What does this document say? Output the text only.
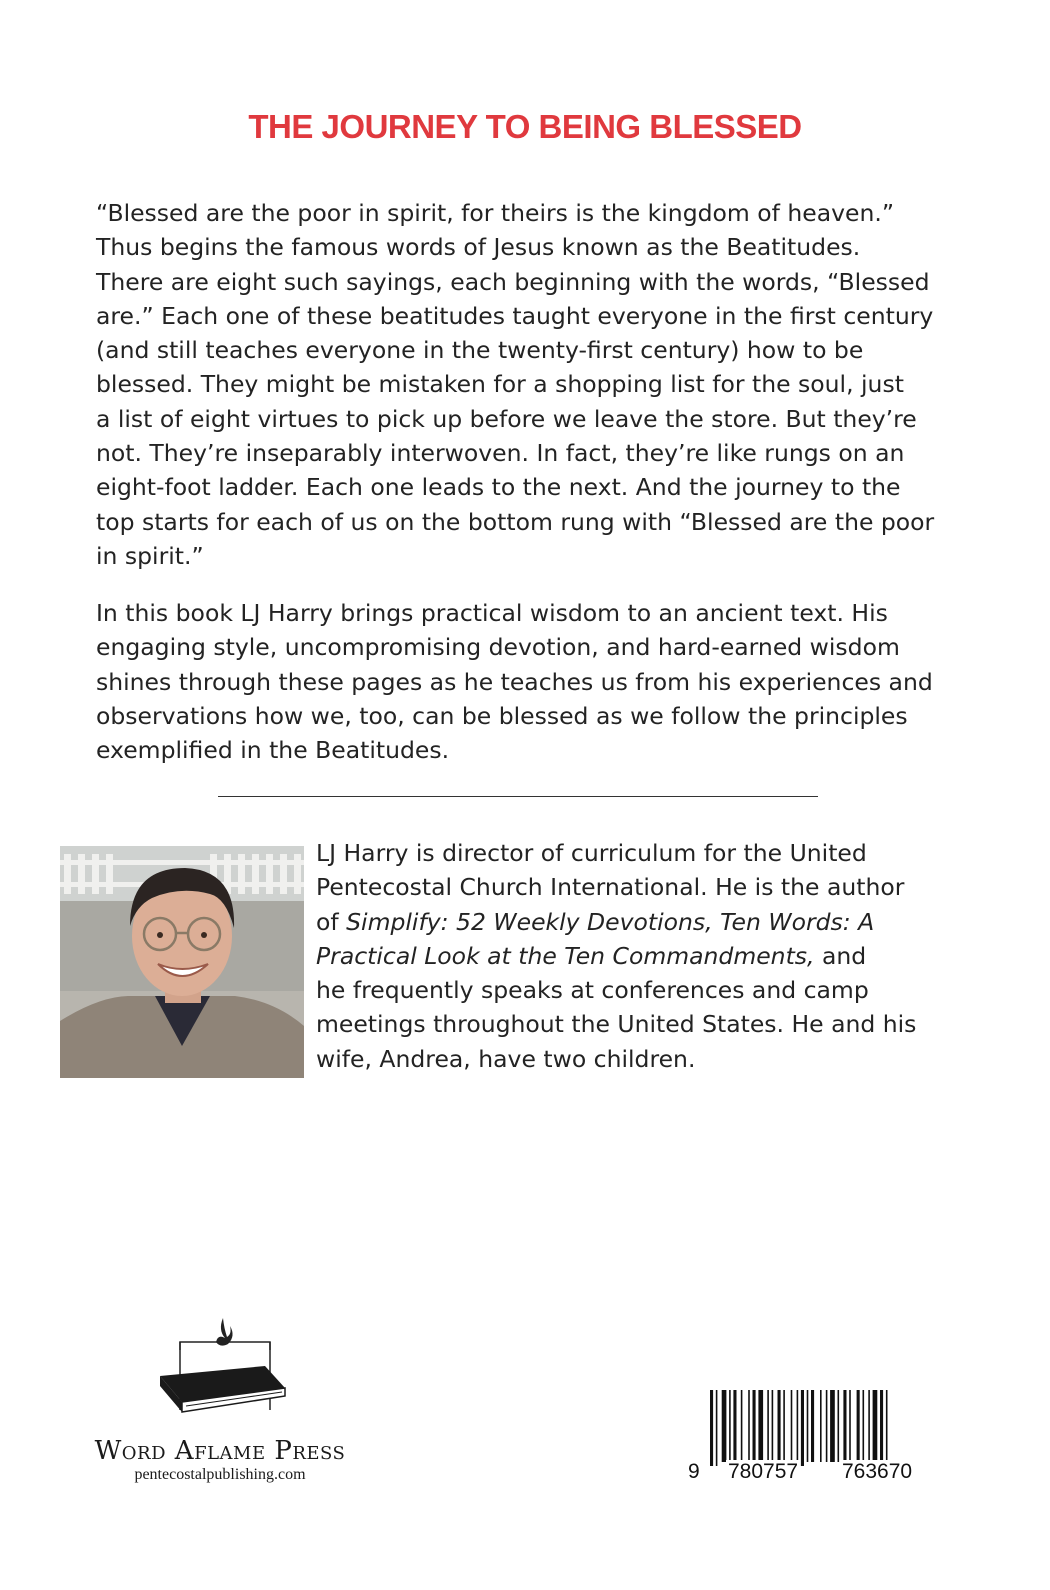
THE JOURNEY TO BEING BLESSED
“Blessed are the poor in spirit, for theirs is the kingdom of heaven.”
Thus begins the famous words of Jesus known as the Beatitudes.
There are eight such sayings, each beginning with the words, “Blessed
are.” Each one of these beatitudes taught everyone in the first century
(and still teaches everyone in the twenty-first century) how to be
blessed. They might be mistaken for a shopping list for the soul, just
a list of eight virtues to pick up before we leave the store. But they’re
not. They’re inseparably interwoven. In fact, they’re like rungs on an
eight-foot ladder. Each one leads to the next. And the journey to the
top starts for each of us on the bottom rung with “Blessed are the poor
in spirit.”
In this book LJ Harry brings practical wisdom to an ancient text. His
engaging style, uncompromising devotion, and hard-earned wisdom
shines through these pages as he teaches us from his experiences and
observations how we, too, can be blessed as we follow the principles
exemplified in the Beatitudes.
LJ Harry is director of curriculum for the United
Pentecostal Church International. He is the author
of Simplify: 52 Weekly Devotions, Ten Words: A
Practical Look at the Ten Commandments, and
he frequently speaks at conferences and camp
meetings throughout the United States. He and his
wife, Andrea, have two children.
Word Aflame Press
pentecostalpublishing.com	9 780757 763670
